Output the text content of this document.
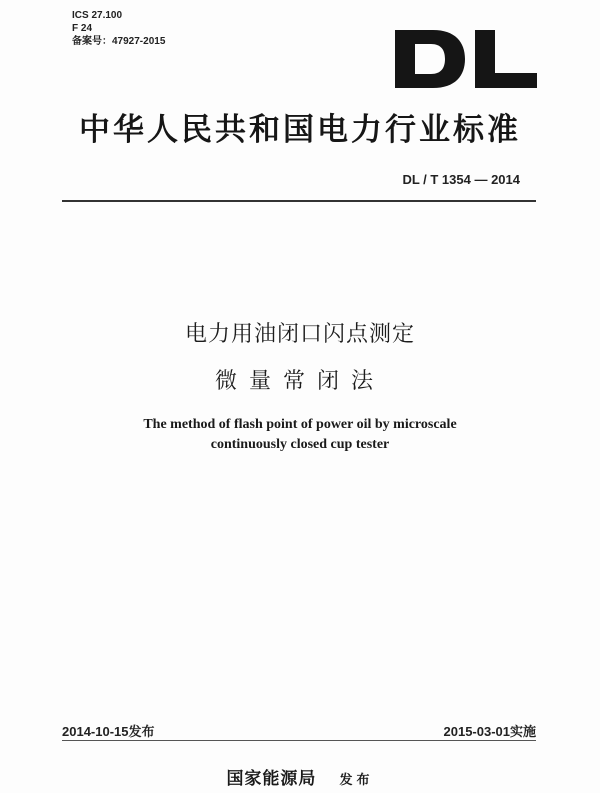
ICS 27.100
F 24
备案号：47927-2015
中华人民共和国电力行业标准
DL / T 1354 — 2014
电力用油闭口闪点测定
微量常闭法
The method of flash point of power oil by microscale
continuously closed cup tester
2014-10-15发布	2015-03-01实施
国家能源局 发布
